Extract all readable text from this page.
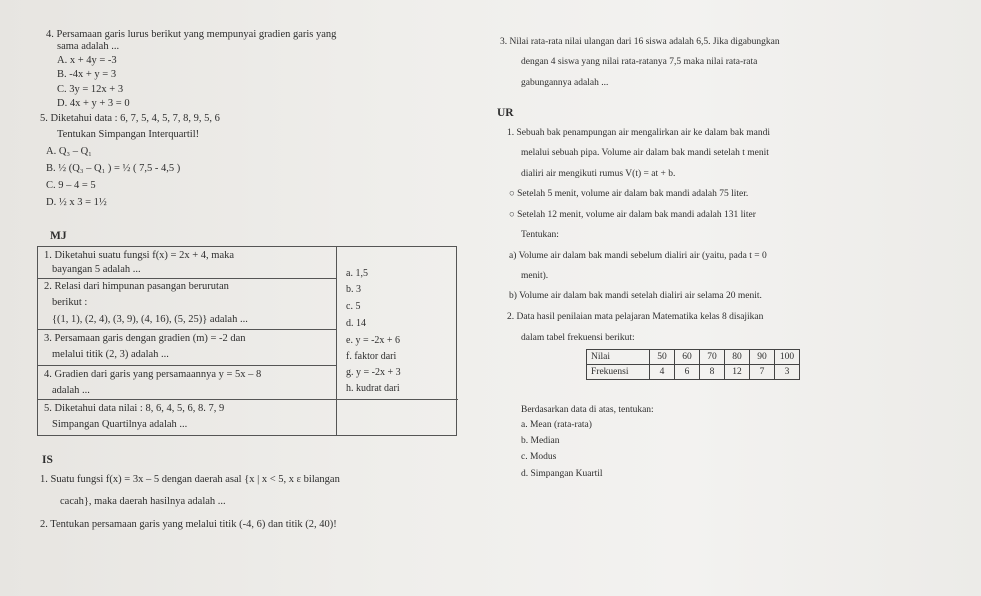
4. Persamaan garis lurus berikut yang mempunyai gradien garis yang
sama adalah ...
A. x + 4y = -3
B. -4x + y = 3
C. 3y = 12x + 3
D. 4x + y + 3 = 0
5. Diketahui data : 6, 7, 5, 4, 5, 7, 8, 9, 5, 6
Tentukan Simpangan Interquartil!
A. Q₃ – Q₁
B. ½ (Q₃ – Q₁ ) = ½ ( 7,5 - 4,5 )
C. 9 – 4 = 5
D. ½ x 3 = 1½
MJ
1. Diketahui suatu fungsi f(x) = 2x + 4, maka
bayangan 5 adalah ...
2. Relasi dari himpunan pasangan berurutan
berikut :
{(1, 1), (2, 4), (3, 9), (4, 16), (5, 25)} adalah ...
3. Persamaan garis dengan gradien (m) = -2 dan
melalui titik (2, 3) adalah ...
4. Gradien dari garis yang persamaannya y = 5x – 8
adalah ...
5. Diketahui data nilai : 8, 6, 4, 5, 6, 8. 7, 9
Simpangan Quartilnya adalah ...
a. 1,5
b. 3
c. 5
d. 14
e. y = -2x + 6
f. faktor dari
g. y = -2x + 3
h. kudrat dari
IS
1. Suatu fungsi f(x) = 3x – 5 dengan daerah asal {x | x < 5, x ε bilangan
cacah}, maka daerah hasilnya adalah ...
2. Tentukan persamaan garis yang melalui titik (-4, 6) dan titik (2, 40)!
3. Nilai rata-rata nilai ulangan dari 16 siswa adalah 6,5. Jika digabungkan
dengan 4 siswa yang nilai rata-ratanya 7,5 maka nilai rata-rata
gabungannya adalah ...
UR
1. Sebuah bak penampungan air mengalirkan air ke dalam bak mandi
melalui sebuah pipa. Volume air dalam bak mandi setelah t menit
dialiri air mengikuti rumus V(t) = at + b.
○ Setelah 5 menit, volume air dalam bak mandi adalah 75 liter.
○ Setelah 12 menit, volume air dalam bak mandi adalah 131 liter
Tentukan:
a) Volume air dalam bak mandi sebelum dialiri air (yaitu, pada t = 0
menit).
b) Volume air dalam bak mandi setelah dialiri air selama 20 menit.
2. Data hasil penilaian mata pelajaran Matematika kelas 8 disajikan
dalam tabel frekuensi berikut:
Nilai	50	60	70	80	90	100
Frekuensi	4	6	8	12	7	3
Berdasarkan data di atas, tentukan:
a. Mean (rata-rata)
b. Median
c. Modus
d. Simpangan Kuartil
